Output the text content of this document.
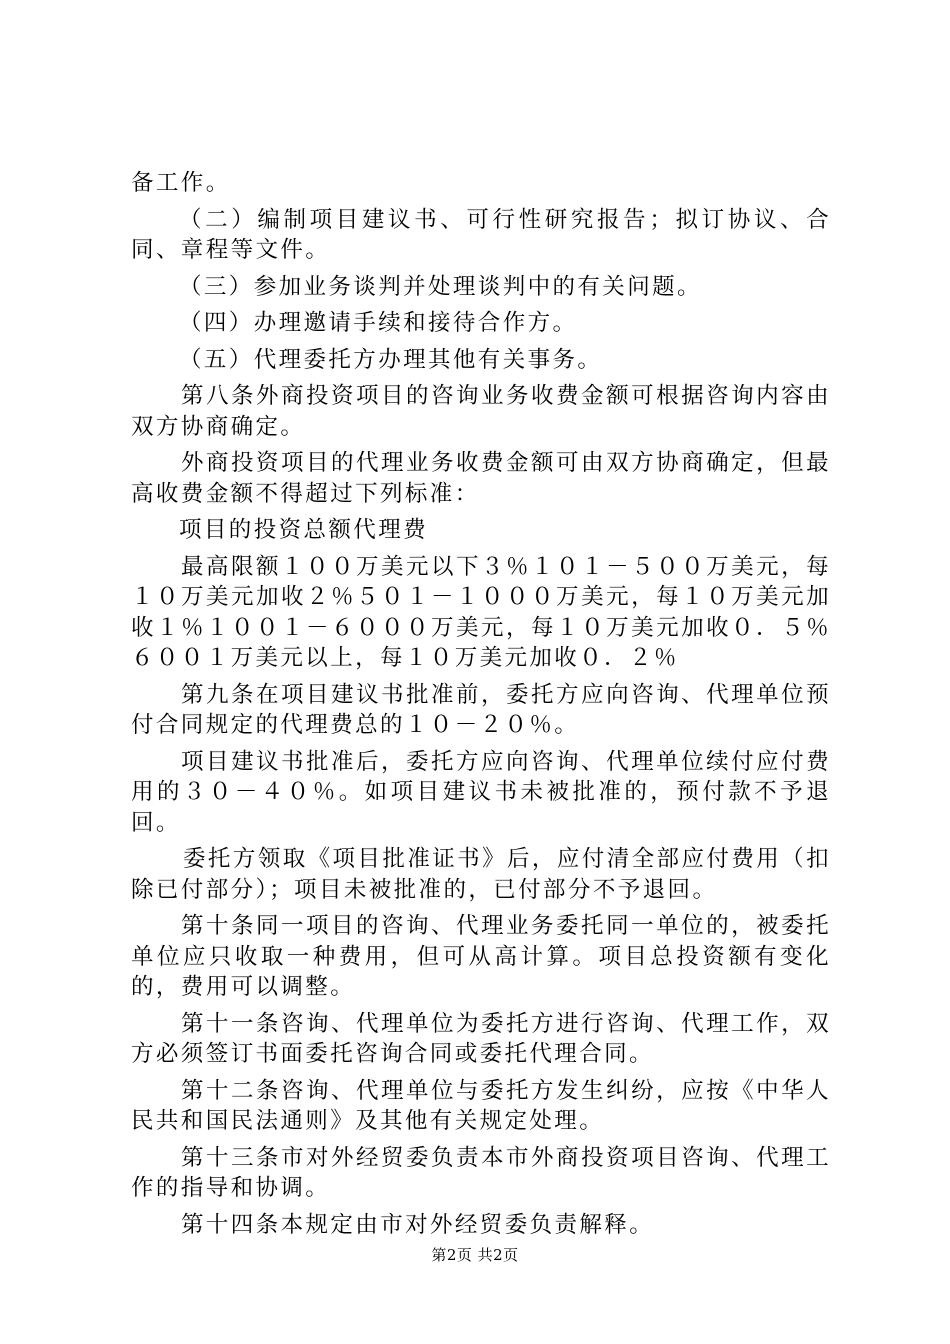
备工作。

（二）编制项目建议书、可行性研究报告；拟订协议、合同、章程等文件。

（三）参加业务谈判并处理谈判中的有关问题。

（四）办理邀请手续和接待合作方。

（五）代理委托方办理其他有关事务。

第八条外商投资项目的咨询业务收费金额可根据咨询内容由双方协商确定。

外商投资项目的代理业务收费金额可由双方协商确定，但最高收费金额不得超过下列标准：

项目的投资总额代理费

最高限额１００万美元以下３％１０１－５００万美元，每１０万美元加收２％５０１－１０００万美元，每１０万美元加收１％１００１－６０００万美元，每１０万美元加收０．５％６００１万美元以上，每１０万美元加收０．２％

第九条在项目建议书批准前，委托方应向咨询、代理单位预付合同规定的代理费总的１０－２０％。

项目建议书批准后，委托方应向咨询、代理单位续付应付费用的３０－４０％。如项目建议书未被批准的，预付款不予退回。

委托方领取《项目批准证书》后，应付清全部应付费用（扣除已付部分）；项目未被批准的，已付部分不予退回。

第十条同一项目的咨询、代理业务委托同一单位的，被委托单位应只收取一种费用，但可从高计算。项目总投资额有变化的，费用可以调整。

第十一条咨询、代理单位为委托方进行咨询、代理工作，双方必须签订书面委托咨询合同或委托代理合同。

第十二条咨询、代理单位与委托方发生纠纷，应按《中华人民共和国民法通则》及其他有关规定处理。

第十三条市对外经贸委负责本市外商投资项目咨询、代理工作的指导和协调。

第十四条本规定由市对外经贸委负责解释。

第2页 共2页
